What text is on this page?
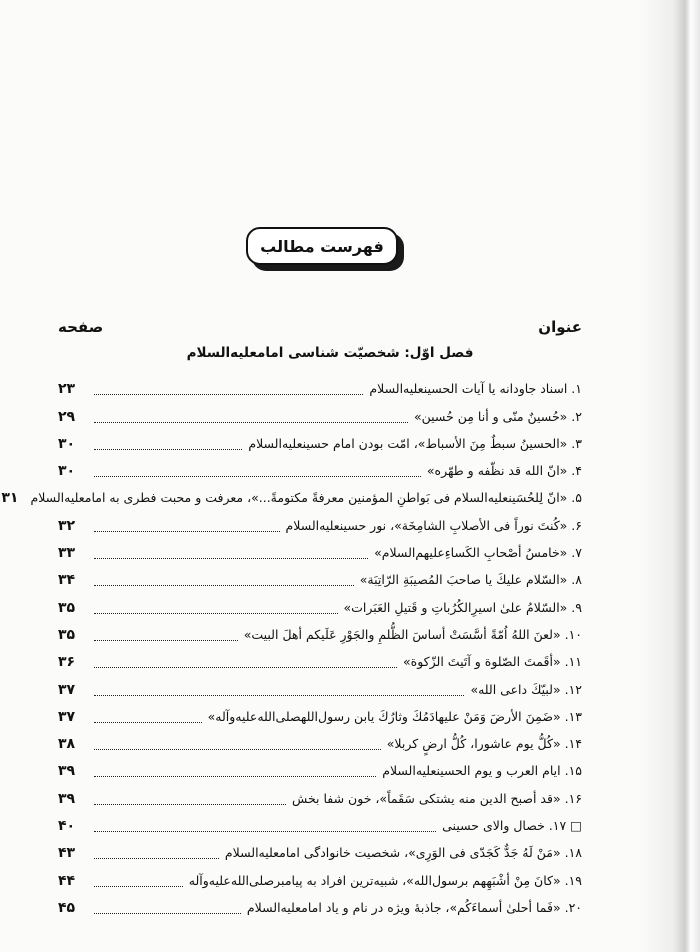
فهرست مطالب
عنوان
صفحه
فصل اوّل: شخصیّت شناسی امامعليه‌السلام
۱. اسناد جاودانه یا آیات الحسینعليه‌السلام
۲۳
۲. «حُسینٌ منّی و أنا مِن حُسین»
۲۹
۳. «الحسینُ سبطٌ مِنَ الأسباط»، امّت بودن امام حسینعليه‌السلام
۳۰
۴. «انّ الله قد نظّفه و طهّره»
۳۰
۵. «انّ لِلحُسَینعليه‌السلام فی بَواطنِ المؤمنین معرفةً مکتومةً...»، معرفت و محبت فطری به امامعليه‌السلام
۳۱
۶. «کُنتَ نوراً فی الأصلابِ الشامِخَة»، نور حسینعليه‌السلام
۳۲
۷. «خامسُ أصْحابِ الکَساءِعليهم‌السلام»
۳۳
۸. «السّلام علیكَ یا صاحبَ المُصیبَةِ الرّاتِبَة»
۳۴
۹. «السّلامُ علیٰ اسیرِالکُرُباتِ و قَتیلِ العَبَرات»
۳۵
۱۰. «لعنَ اللهُ اُمّةً أسَّسَتْ أساسَ الظُّلمِ والجَوْرِ عَلَیکم أهلَ البیت»
۳۵
۱۱. «أقَمتَ الصّلوة و آتَیتَ الزّکوة»
۳۶
۱۲. «لبیّكَ داعی الله»
۳۷
۱۳. «ضَمِنَ الأرضَ وَمَنْ علیهادَمُكَ وثارُكَ یابن رسول‌اللهصلی‌الله‌علیه‌وآله»
۳۷
۱۴. «کُلُّ یوم عاشورا، کُلُّ ارضٍ کربلا»
۳۸
۱۵. ایام العرب و یوم الحسینعليه‌السلام
۳۹
۱۶. «قد أصبح الدین منه یشتکی سَقَماً»، خون شفا بخش
۳۹
□ ۱۷. خصال والای حسینی
۴۰
۱۸. «مَنْ لَهُ جَدٌّ کَجَدّی فی الوَرِی»، شخصیت خانوادگی امامعليه‌السلام
۴۳
۱۹. «کانَ مِنْ أشْبَهِهم برسول‌الله»، شبیه‌ترین افراد به پیامبرصلی‌الله‌علیه‌وآله
۴۴
۲۰. «فَما أحلیٰ أسماءَکُم»، جاذبهٔ ویژه در نام و یاد امامعليه‌السلام
۴۵
